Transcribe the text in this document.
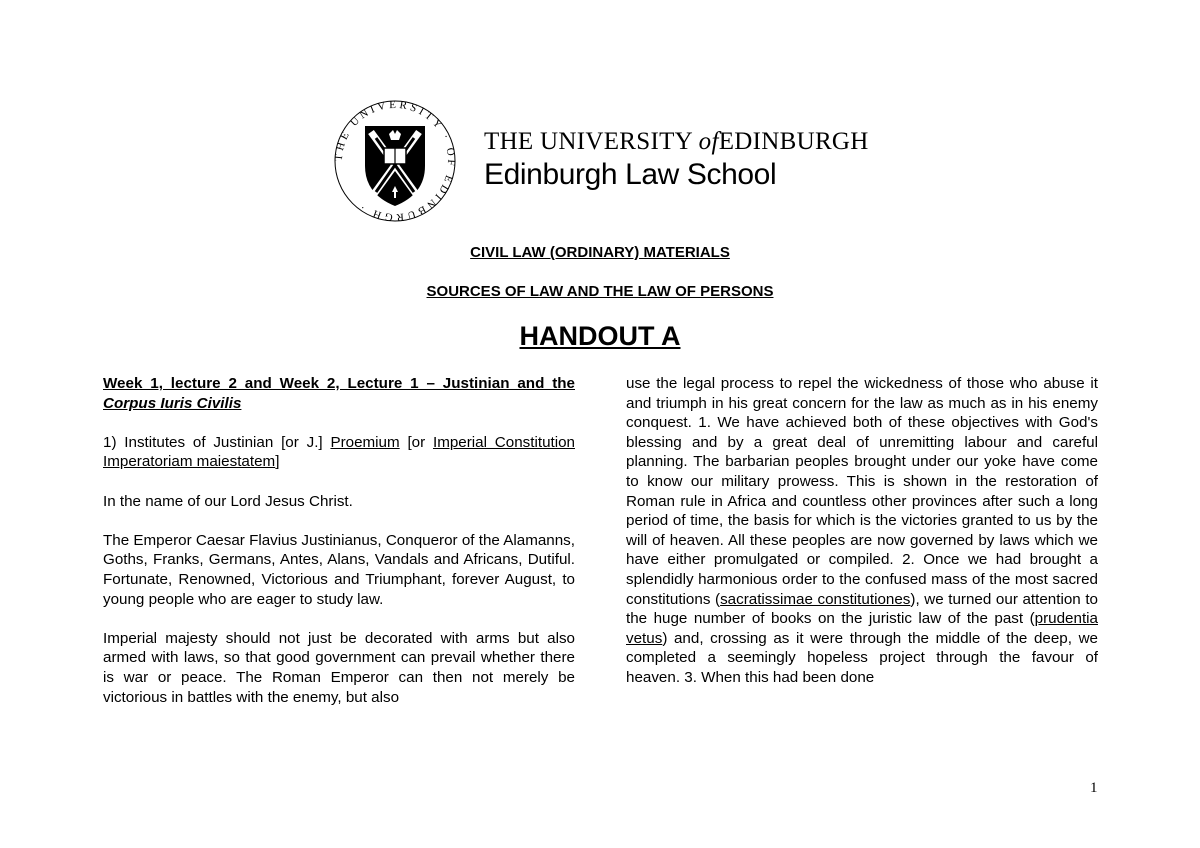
THE UNIVERSITY · OF EDINBURGH ·
THE UNIVERSITY ofEDINBURGH
Edinburgh Law School
CIVIL LAW (ORDINARY) MATERIALS
SOURCES OF LAW AND THE LAW OF PERSONS
HANDOUT A

Week 1, lecture 2 and Week 2, Lecture 1 – Justinian and the Corpus Iuris Civilis

1) Institutes of Justinian [or J.] Proemium [or Imperial Constitution Imperatoriam maiestatem]

In the name of our Lord Jesus Christ.

The Emperor Caesar Flavius Justinianus, Conqueror of the Alamanns, Goths, Franks, Germans, Antes, Alans, Vandals and Africans, Dutiful. Fortunate, Renowned, Victorious and Triumphant, forever August, to young people who are eager to study law.

Imperial majesty should not just be decorated with arms but also armed with laws, so that good government can prevail whether there is war or peace. The Roman Emperor can then not merely be victorious in battles with the enemy, but also

use the legal process to repel the wickedness of those who abuse it and triumph in his great concern for the law as much as in his enemy conquest. 1. We have achieved both of these objectives with God's blessing and by a great deal of unremitting labour and careful planning. The barbarian peoples brought under our yoke have come to know our military prowess. This is shown in the restoration of Roman rule in Africa and countless other provinces after such a long period of time, the basis for which is the victories granted to us by the will of heaven. All these peoples are now governed by laws which we have either promulgated or compiled. 2. Once we had brought a splendidly harmonious order to the confused mass of the most sacred constitutions (sacratissimae constitutiones), we turned our attention to the huge number of books on the juristic law of the past (prudentia vetus) and, crossing as it were through the middle of the deep, we completed a seemingly hopeless project through the favour of heaven. 3. When this had been done

1
